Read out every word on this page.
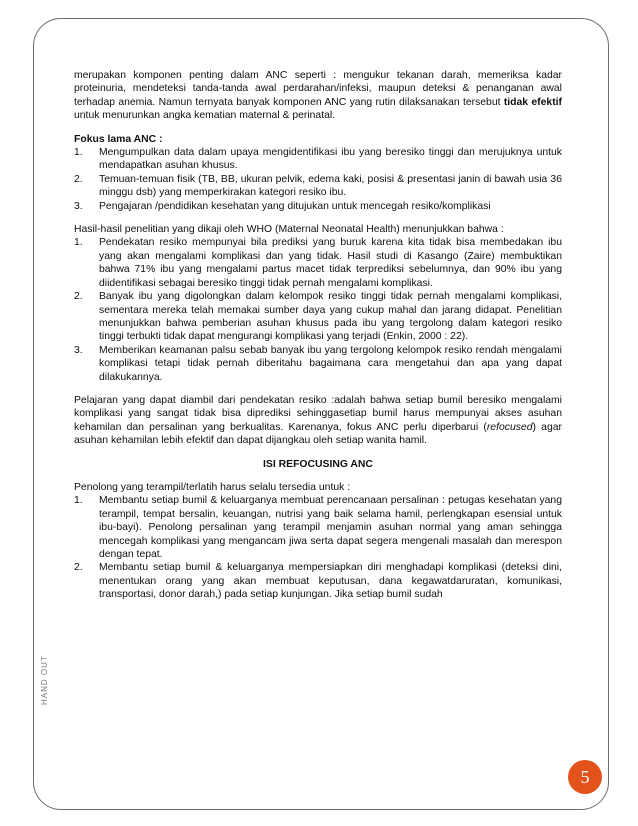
HAND OUT

merupakan komponen penting dalam ANC seperti : mengukur tekanan darah, memeriksa kadar proteinuria, mendeteksi tanda-tanda awal perdarahan/infeksi, maupun deteksi & penanganan awal terhadap anemia. Namun ternyata banyak komponen ANC yang rutin dilaksanakan tersebut tidak efektif untuk menurunkan angka kematian maternal & perinatal.

Fokus lama ANC :

1. Mengumpulkan data dalam upaya mengidentifikasi ibu yang beresiko tinggi dan merujuknya untuk mendapatkan asuhan khusus.
2. Temuan-temuan fisik (TB, BB, ukuran pelvik, edema kaki, posisi & presentasi janin di bawah usia 36 minggu dsb) yang memperkirakan kategori resiko ibu.
3. Pengajaran /pendidikan kesehatan yang ditujukan untuk mencegah resiko/komplikasi

Hasil-hasil penelitian yang dikaji oleh WHO (Maternal Neonatal Health) menunjukkan bahwa :

1. Pendekatan resiko mempunyai bila prediksi yang buruk karena kita tidak bisa membedakan ibu yang akan mengalami komplikasi dan yang tidak. Hasil studi di Kasango (Zaire) membuktikan bahwa 71% ibu yang mengalami partus macet tidak terprediksi sebelumnya, dan 90% ibu yang diidentifikasi sebagai beresiko tinggi tidak pernah mengalami komplikasi.
2. Banyak ibu yang digolongkan dalam kelompok resiko tinggi tidak pernah mengalami komplikasi, sementara mereka telah memakai sumber daya yang cukup mahal dan jarang didapat. Penelitian menunjukkan bahwa pemberian asuhan khusus pada ibu yang tergolong dalam kategori resiko tinggi terbukti tidak dapat mengurangi komplikasi yang terjadi (Enkin, 2000 : 22).
3. Memberikan keamanan palsu sebab banyak ibu yang tergolong kelompok resiko rendah mengalami komplikasi tetapi tidak pernah diberitahu bagaimana cara mengetahui dan apa yang dapat dilakukannya.

Pelajaran yang dapat diambil dari pendekatan resiko :adalah bahwa setiap bumil beresiko mengalami komplikasi yang sangat tidak bisa diprediksi sehinggasetiap bumil harus mempunyai akses asuhan kehamilan dan persalinan yang berkualitas. Karenanya, fokus ANC perlu diperbarui (refocused) agar asuhan kehamilan lebih efektif dan dapat dijangkau oleh setiap wanita hamil.

ISI REFOCUSING ANC

Penolong yang terampil/terlatih harus selalu tersedia untuk :

1. Membantu setiap bumil & keluarganya membuat perencanaan persalinan : petugas kesehatan yang terampil, tempat bersalin, keuangan, nutrisi yang baik selama hamil, perlengkapan esensial untuk ibu-bayi). Penolong persalinan yang terampil menjamin asuhan normal yang aman sehingga mencegah komplikasi yang mengancam jiwa serta dapat segera mengenali masalah dan merespon dengan tepat.
2. Membantu setiap bumil & keluarganya mempersiapkan diri menghadapi komplikasi (deteksi dini, menentukan orang yang akan membuat keputusan, dana kegawatdaruratan, komunikasi, transportasi, donor darah,) pada setiap kunjungan. Jika setiap bumil sudah
5
